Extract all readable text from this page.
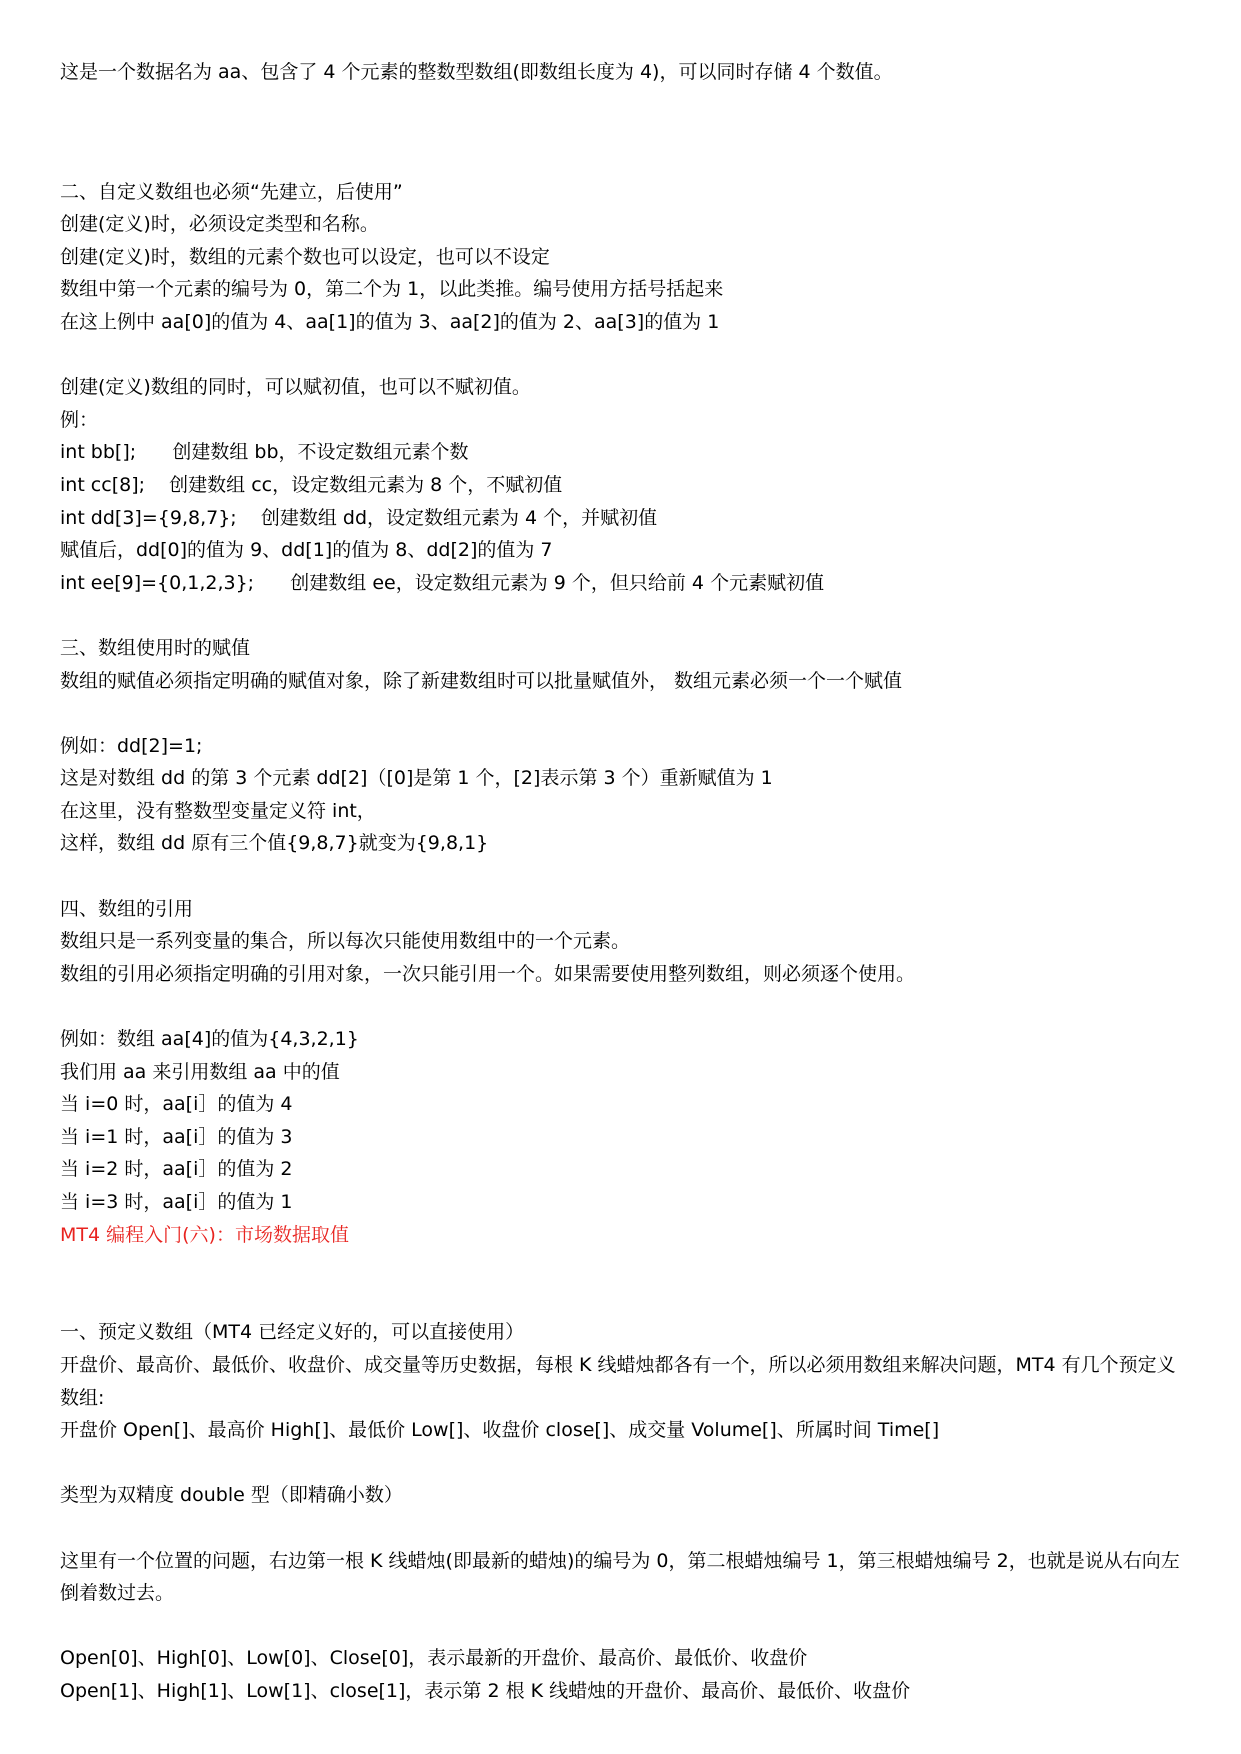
这是一个数据名为 aa、包含了 4 个元素的整数型数组(即数组长度为 4)，可以同时存储 4 个数值。
二、自定义数组也必须“先建立，后使用”
创建(定义)时，必须设定类型和名称。
创建(定义)时，数组的元素个数也可以设定，也可以不设定
数组中第一个元素的编号为 0，第二个为 1，以此类推。编号使用方括号括起来
在这上例中 aa[0]的值为 4、aa[1]的值为 3、aa[2]的值为 2、aa[3]的值为 1
创建(定义)数组的同时，可以赋初值，也可以不赋初值。
例：
int bb[];      创建数组 bb，不设定数组元素个数
int cc[8];    创建数组 cc，设定数组元素为 8 个，不赋初值
int dd[3]={9,8,7};    创建数组 dd，设定数组元素为 4 个，并赋初值
赋值后，dd[0]的值为 9、dd[1]的值为 8、dd[2]的值为 7
int ee[9]={0,1,2,3};      创建数组 ee，设定数组元素为 9 个，但只给前 4 个元素赋初值
三、数组使用时的赋值
数组的赋值必须指定明确的赋值对象，除了新建数组时可以批量赋值外， 数组元素必须一个一个赋值
例如：dd[2]=1;
这是对数组 dd 的第 3 个元素 dd[2]（[0]是第 1 个，[2]表示第 3 个）重新赋值为 1
在这里，没有整数型变量定义符 int，
这样，数组 dd 原有三个值{9,8,7}就变为{9,8,1}
四、数组的引用
数组只是一系列变量的集合，所以每次只能使用数组中的一个元素。
数组的引用必须指定明确的引用对象，一次只能引用一个。如果需要使用整列数组，则必须逐个使用。
例如：数组 aa[4]的值为{4,3,2,1}
我们用 aa 来引用数组 aa 中的值
当 i=0 时，aa[i］的值为 4
当 i=1 时，aa[i］的值为 3
当 i=2 时，aa[i］的值为 2
当 i=3 时，aa[i］的值为 1
MT4 编程入门(六)：市场数据取值
一、预定义数组（MT4 已经定义好的，可以直接使用）
开盘价、最高价、最低价、收盘价、成交量等历史数据，每根 K 线蜡烛都各有一个，所以必须用数组来解决问题，MT4 有几个预定义数组:
开盘价 Open[]、最高价 High[]、最低价 Low[]、收盘价 close[]、成交量 Volume[]、所属时间 Time[]
类型为双精度 double 型（即精确小数）
这里有一个位置的问题，右边第一根 K 线蜡烛(即最新的蜡烛)的编号为 0，第二根蜡烛编号 1，第三根蜡烛编号 2，也就是说从右向左倒着数过去。
Open[0]、High[0]、Low[0]、Close[0]，表示最新的开盘价、最高价、最低价、收盘价
Open[1]、High[1]、Low[1]、close[1]，表示第 2 根 K 线蜡烛的开盘价、最高价、最低价、收盘价
